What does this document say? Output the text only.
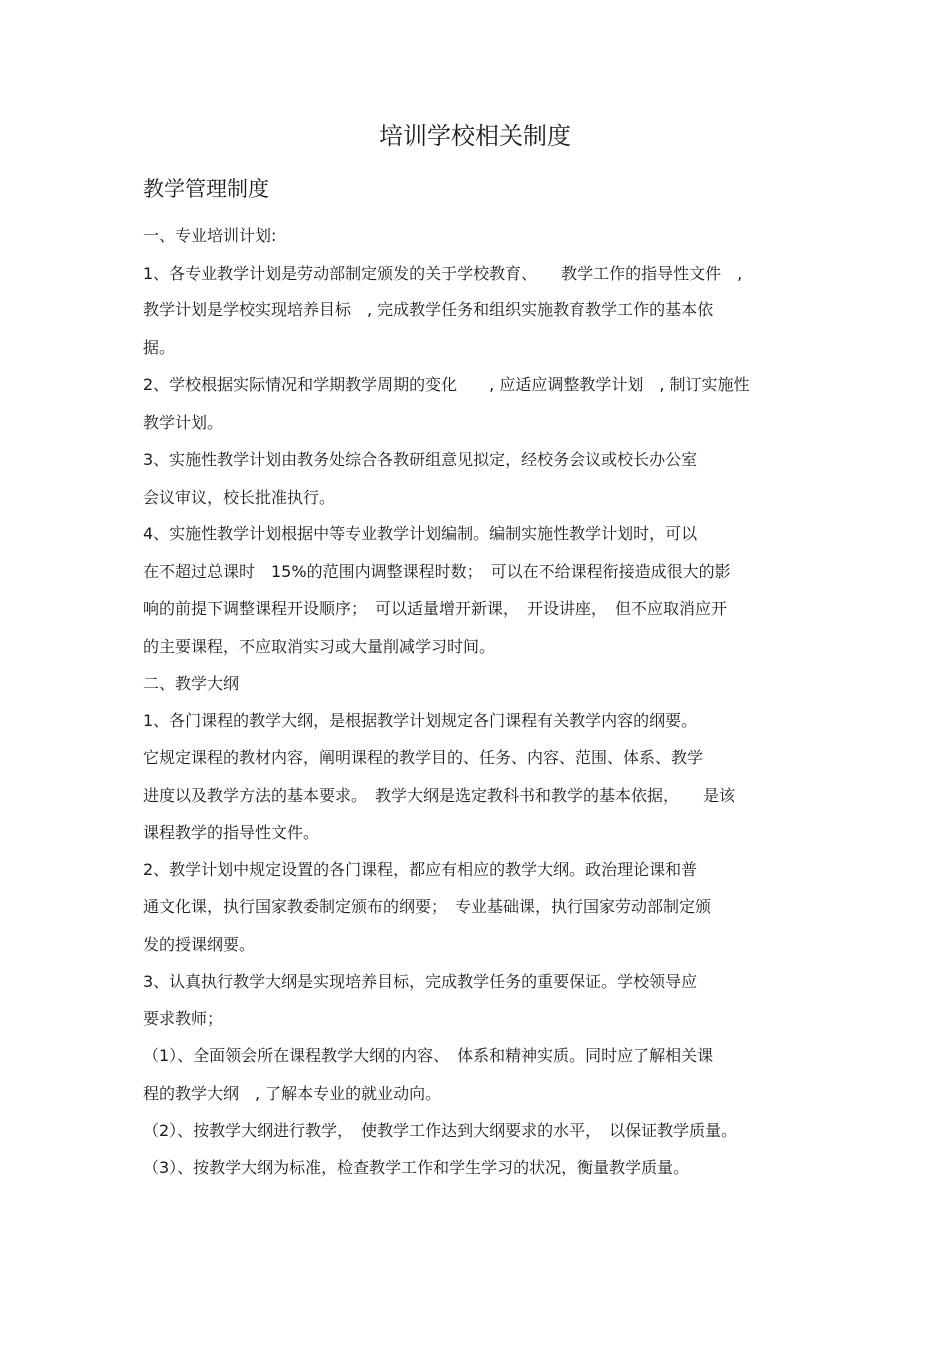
培训学校相关制度
教学管理制度
一、专业培训计划:
1、各专业教学计划是劳动部制定颁发的关于学校教育、　　教学工作的指导性文件　,
教学计划是学校实现培养目标　, 完成教学任务和组织实施教育教学工作的基本依
据。
2、学校根据实际情况和学期教学周期的变化　　, 应适应调整教学计划　, 制订实施性
教学计划。
3、实施性教学计划由教务处综合各教研组意见拟定，经校务会议或校长办公室
会议审议，校长批准执行。
4、实施性教学计划根据中等专业教学计划编制。编制实施性教学计划时，可以
在不超过总课时　15%的范围内调整课程时数；　可以在不给课程衔接造成很大的影
响的前提下调整课程开设顺序；　可以适量增开新课，　开设讲座，　但不应取消应开
的主要课程，不应取消实习或大量削减学习时间。
二、教学大纲
1、各门课程的教学大纲，是根据教学计划规定各门课程有关教学内容的纲要。
它规定课程的教材内容，阐明课程的教学目的、任务、内容、范围、体系、教学
进度以及教学方法的基本要求。　教学大纲是选定教科书和教学的基本依据，　　是该
课程教学的指导性文件。
2、教学计划中规定设置的各门课程，都应有相应的教学大纲。政治理论课和普
通文化课，执行国家教委制定颁布的纲要；　专业基础课，执行国家劳动部制定颁
发的授课纲要。
3、认真执行教学大纲是实现培养目标，完成教学任务的重要保证。学校领导应
要求教师；
（1）、全面领会所在课程教学大纲的内容、　体系和精神实质。同时应了解相关课
程的教学大纲　, 了解本专业的就业动向。
（2）、按教学大纲进行教学，　使教学工作达到大纲要求的水平，　以保证教学质量。
（3）、按教学大纲为标准，检查教学工作和学生学习的状况，衡量教学质量。
